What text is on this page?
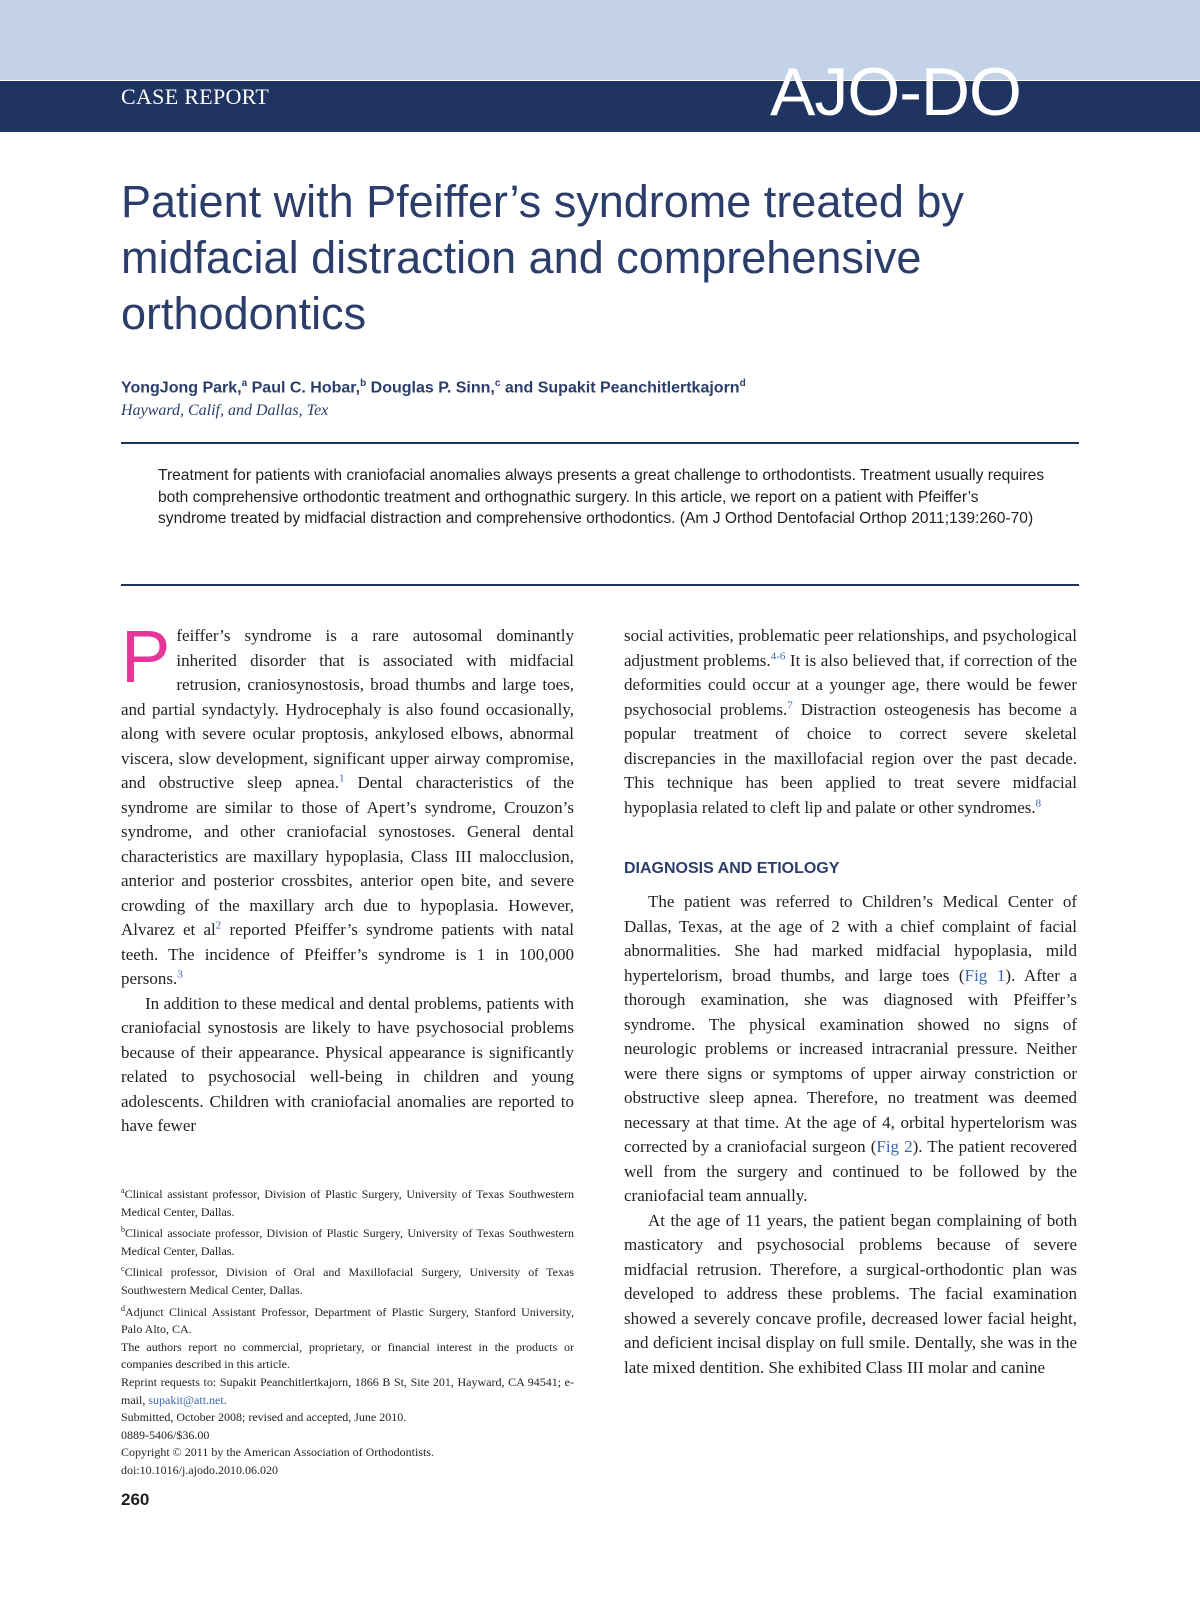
CASE REPORT	AJO-DO
Patient with Pfeiffer’s syndrome treated by midfacial distraction and comprehensive orthodontics
YongJong Park,$^a$ Paul C. Hobar,$^b$ Douglas P. Sinn,$^c$ and Supakit Peanchitlertkajorn$^d$
Hayward, Calif, and Dallas, Tex

Treatment for patients with craniofacial anomalies always presents a great challenge to orthodontists. Treatment usually requires both comprehensive orthodontic treatment and orthognathic surgery. In this article, we report on a patient with Pfeiffer’s syndrome treated by midfacial distraction and comprehensive orthodontics. (Am J Orthod Dentofacial Orthop 2011;139:260-70)

Pfeiffer’s syndrome is a rare autosomal dominantly inherited disorder that is associated with midfacial retrusion, craniosynostosis, broad thumbs and large toes, and partial syndactyly. Hydrocephaly is also found occasionally, along with severe ocular proptosis, ankylosed elbows, abnormal viscera, slow development, significant upper airway compromise, and obstructive sleep apnea.$^1$ Dental characteristics of the syndrome are similar to those of Apert’s syndrome, Crouzon’s syndrome, and other craniofacial synostoses. General dental characteristics are maxillary hypoplasia, Class III malocclusion, anterior and posterior crossbites, anterior open bite, and severe crowding of the maxillary arch due to hypoplasia. However, Alvarez et al$^2$ reported Pfeiffer’s syndrome patients with natal teeth. The incidence of Pfeiffer’s syndrome is 1 in 100,000 persons.$^3$

In addition to these medical and dental problems, patients with craniofacial synostosis are likely to have psychosocial problems because of their appearance. Physical appearance is significantly related to psychosocial well-being in children and young adolescents. Children with craniofacial anomalies are reported to have fewer

social activities, problematic peer relationships, and psychological adjustment problems.$^{4-6}$ It is also believed that, if correction of the deformities could occur at a younger age, there would be fewer psychosocial problems.$^7$ Distraction osteogenesis has become a popular treatment of choice to correct severe skeletal discrepancies in the maxillofacial region over the past decade. This technique has been applied to treat severe midfacial hypoplasia related to cleft lip and palate or other syndromes.$^8$

DIAGNOSIS AND ETIOLOGY

The patient was referred to Children’s Medical Center of Dallas, Texas, at the age of 2 with a chief complaint of facial abnormalities. She had marked midfacial hypoplasia, mild hypertelorism, broad thumbs, and large toes (Fig 1). After a thorough examination, she was diagnosed with Pfeiffer’s syndrome. The physical examination showed no signs of neurologic problems or increased intracranial pressure. Neither were there signs or symptoms of upper airway constriction or obstructive sleep apnea. Therefore, no treatment was deemed necessary at that time. At the age of 4, orbital hypertelorism was corrected by a craniofacial surgeon (Fig 2). The patient recovered well from the surgery and continued to be followed by the craniofacial team annually.

At the age of 11 years, the patient began complaining of both masticatory and psychosocial problems because of severe midfacial retrusion. Therefore, a surgical-orthodontic plan was developed to address these problems. The facial examination showed a severely concave profile, decreased lower facial height, and deficient incisal display on full smile. Dentally, she was in the late mixed dentition. She exhibited Class III molar and canine

$^a$Clinical assistant professor, Division of Plastic Surgery, University of Texas Southwestern Medical Center, Dallas.

$^b$Clinical associate professor, Division of Plastic Surgery, University of Texas Southwestern Medical Center, Dallas.

$^c$Clinical professor, Division of Oral and Maxillofacial Surgery, University of Texas Southwestern Medical Center, Dallas.

$^d$Adjunct Clinical Assistant Professor, Department of Plastic Surgery, Stanford University, Palo Alto, CA.

The authors report no commercial, proprietary, or financial interest in the products or companies described in this article.

Reprint requests to: Supakit Peanchitlertkajorn, 1866 B St, Site 201, Hayward, CA 94541; e-mail, supakit@att.net.

Submitted, October 2008; revised and accepted, June 2010.

0889-5406/$36.00

Copyright © 2011 by the American Association of Orthodontists.

doi:10.1016/j.ajodo.2010.06.020

260
